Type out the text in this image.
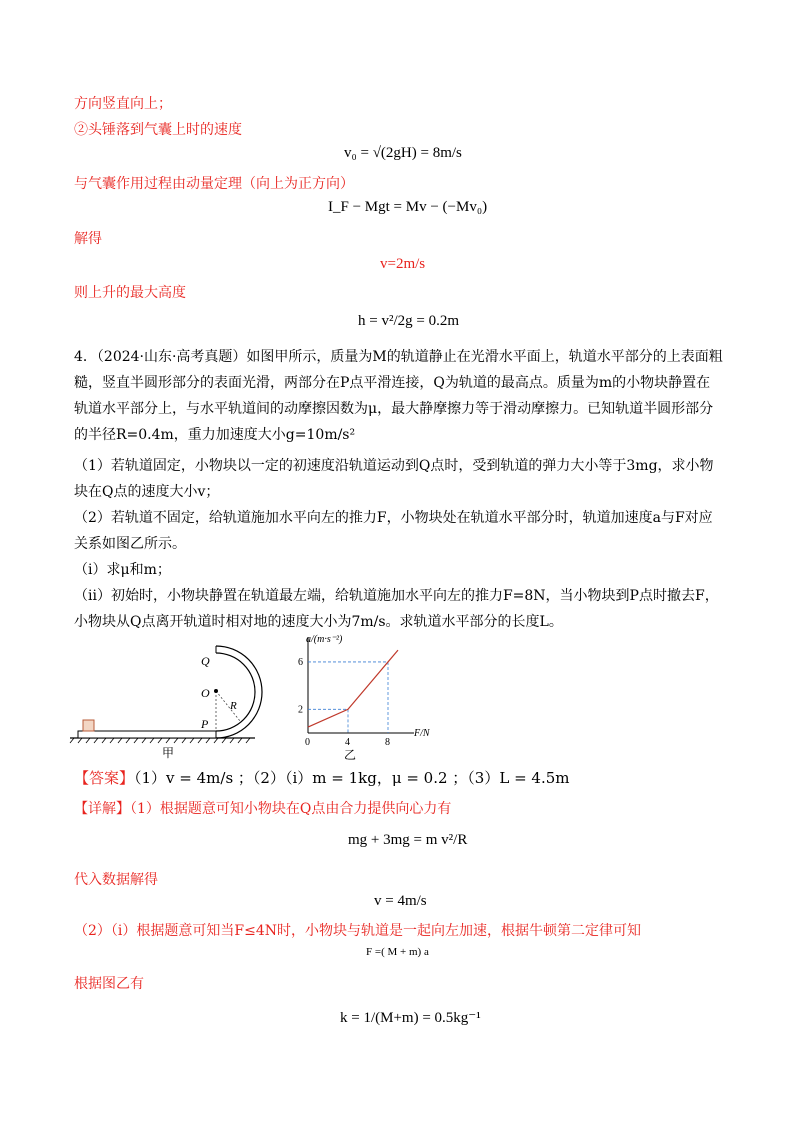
方向竖直向上；
②头锤落到气囊上时的速度
v₀ = √(2gH) = 8m/s
与气囊作用过程由动量定理（向上为正方向）
I_F − Mgt = Mv − (−Mv₀)
解得
v=2m/s
则上升的最大高度
h = v²/2g = 0.2m
4．（2024·山东·高考真题）如图甲所示，质量为M的轨道静止在光滑水平面上，轨道水平部分的上表面粗
糙，竖直半圆形部分的表面光滑，两部分在P点平滑连接，Q为轨道的最高点。质量为m的小物块静置在
轨道水平部分上，与水平轨道间的动摩擦因数为μ，最大静摩擦力等于滑动摩擦力。已知轨道半圆形部分
的半径R=0.4m，重力加速度大小g=10m/s²
（1）若轨道固定，小物块以一定的初速度沿轨道运动到Q点时，受到轨道的弹力大小等于3mg，求小物
块在Q点的速度大小v；
（2）若轨道不固定，给轨道施加水平向左的推力F，小物块处在轨道水平部分时，轨道加速度a与F对应
关系如图乙所示。
（i）求μ和m；
（ii）初始时，小物块静置在轨道最左端，给轨道施加水平向左的推力F=8N，当小物块到P点时撤去F，
小物块从Q点离开轨道时相对地的速度大小为7m/s。求轨道水平部分的长度L。
Q
O
R
P
甲
a/(m·s⁻²)
F/N
乙
0	4	8
2
6
【答案】（1）v = 4m/s ；（2）（i）m = 1kg，μ = 0.2 ；（3）L = 4.5m
【详解】（1）根据题意可知小物块在Q点由合力提供向心力有
mg + 3mg = m v²/R
代入数据解得
v = 4m/s
（2）（i）根据题意可知当F≤4N时，小物块与轨道是一起向左加速，根据牛顿第二定律可知
F =( M + m) a
根据图乙有
k = 1/(M+m) = 0.5kg⁻¹
